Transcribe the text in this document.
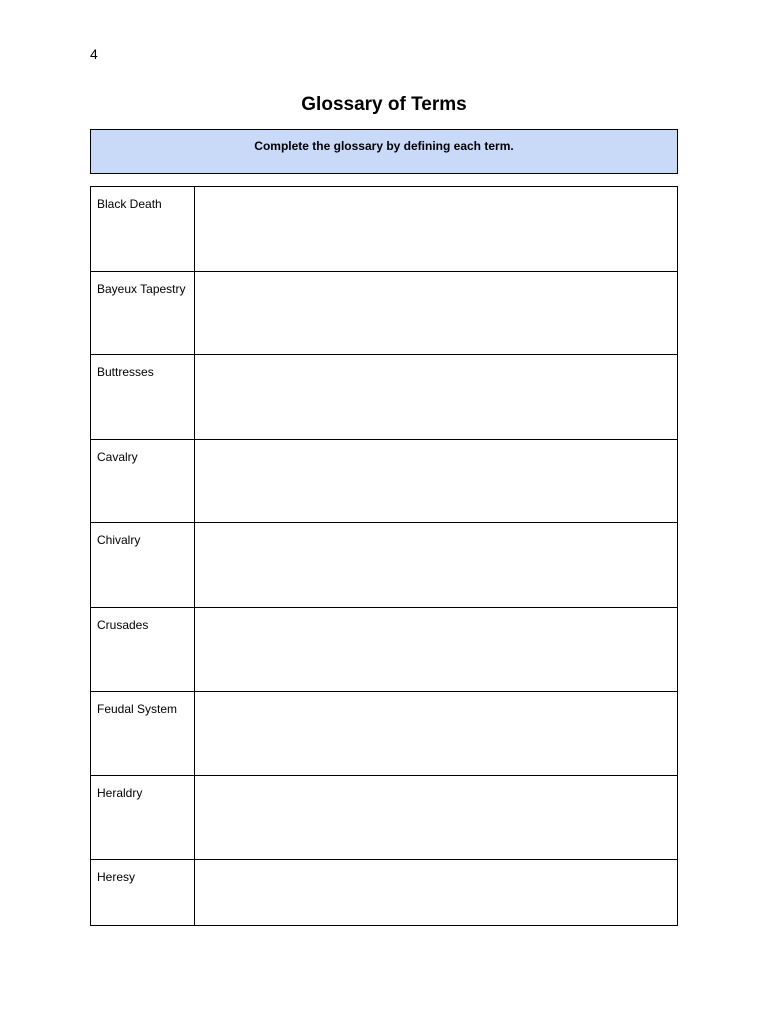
4
Glossary of Terms
Complete the glossary by defining each term.
Black Death	
Bayeux Tapestry	
Buttresses	
Cavalry	
Chivalry	
Crusades	
Feudal System	
Heraldry	
Heresy	
